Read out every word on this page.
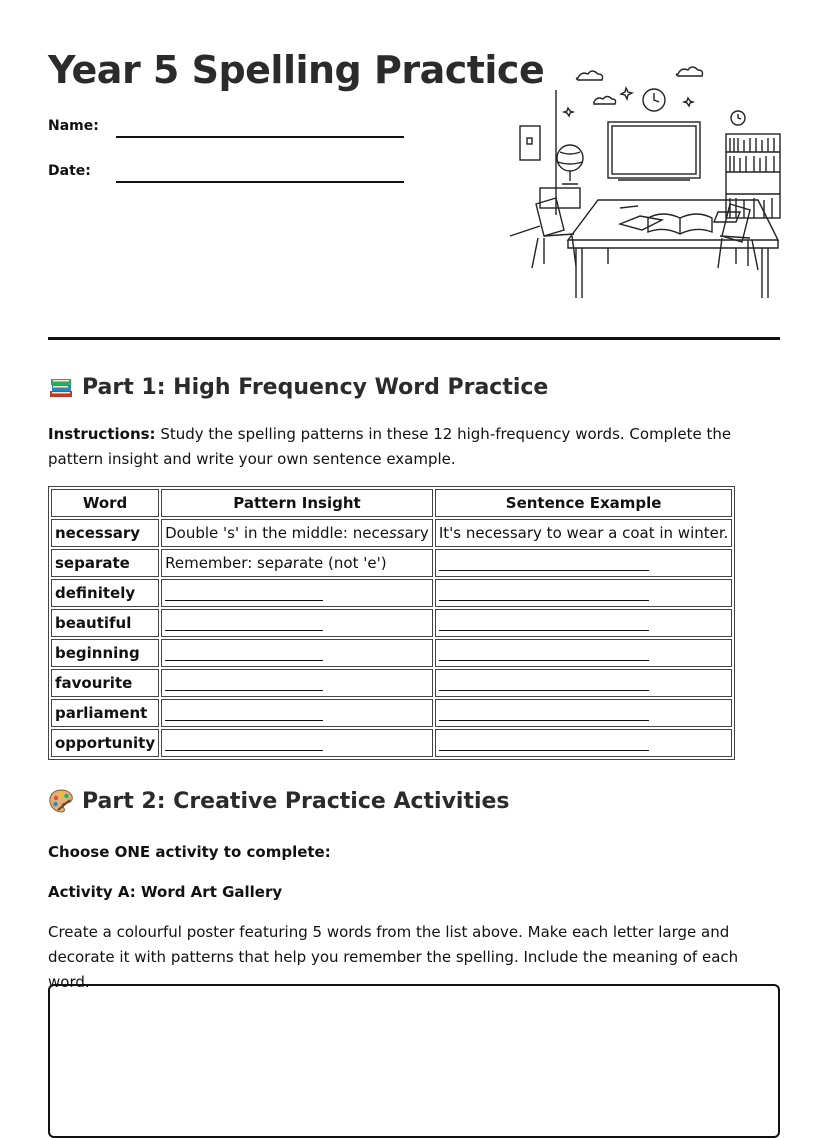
Year 5 Spelling Practice
Name:
Date:
Part 1: High Frequency Word Practice
Instructions: Study the spelling patterns in these 12 high-frequency words. Complete the pattern insight and write your own sentence example.
Word	Pattern Insight	Sentence Example
necessary	Double 's' in the middle: necessary	It's necessary to wear a coat in winter.
separate	Remember: separate (not 'e')	
definitely		
beautiful		
beginning		
favourite		
parliament		
opportunity		
Part 2: Creative Practice Activities
Choose ONE activity to complete:
Activity A: Word Art Gallery
Create a colourful poster featuring 5 words from the list above. Make each letter large and decorate it with patterns that help you remember the spelling. Include the meaning of each word.
